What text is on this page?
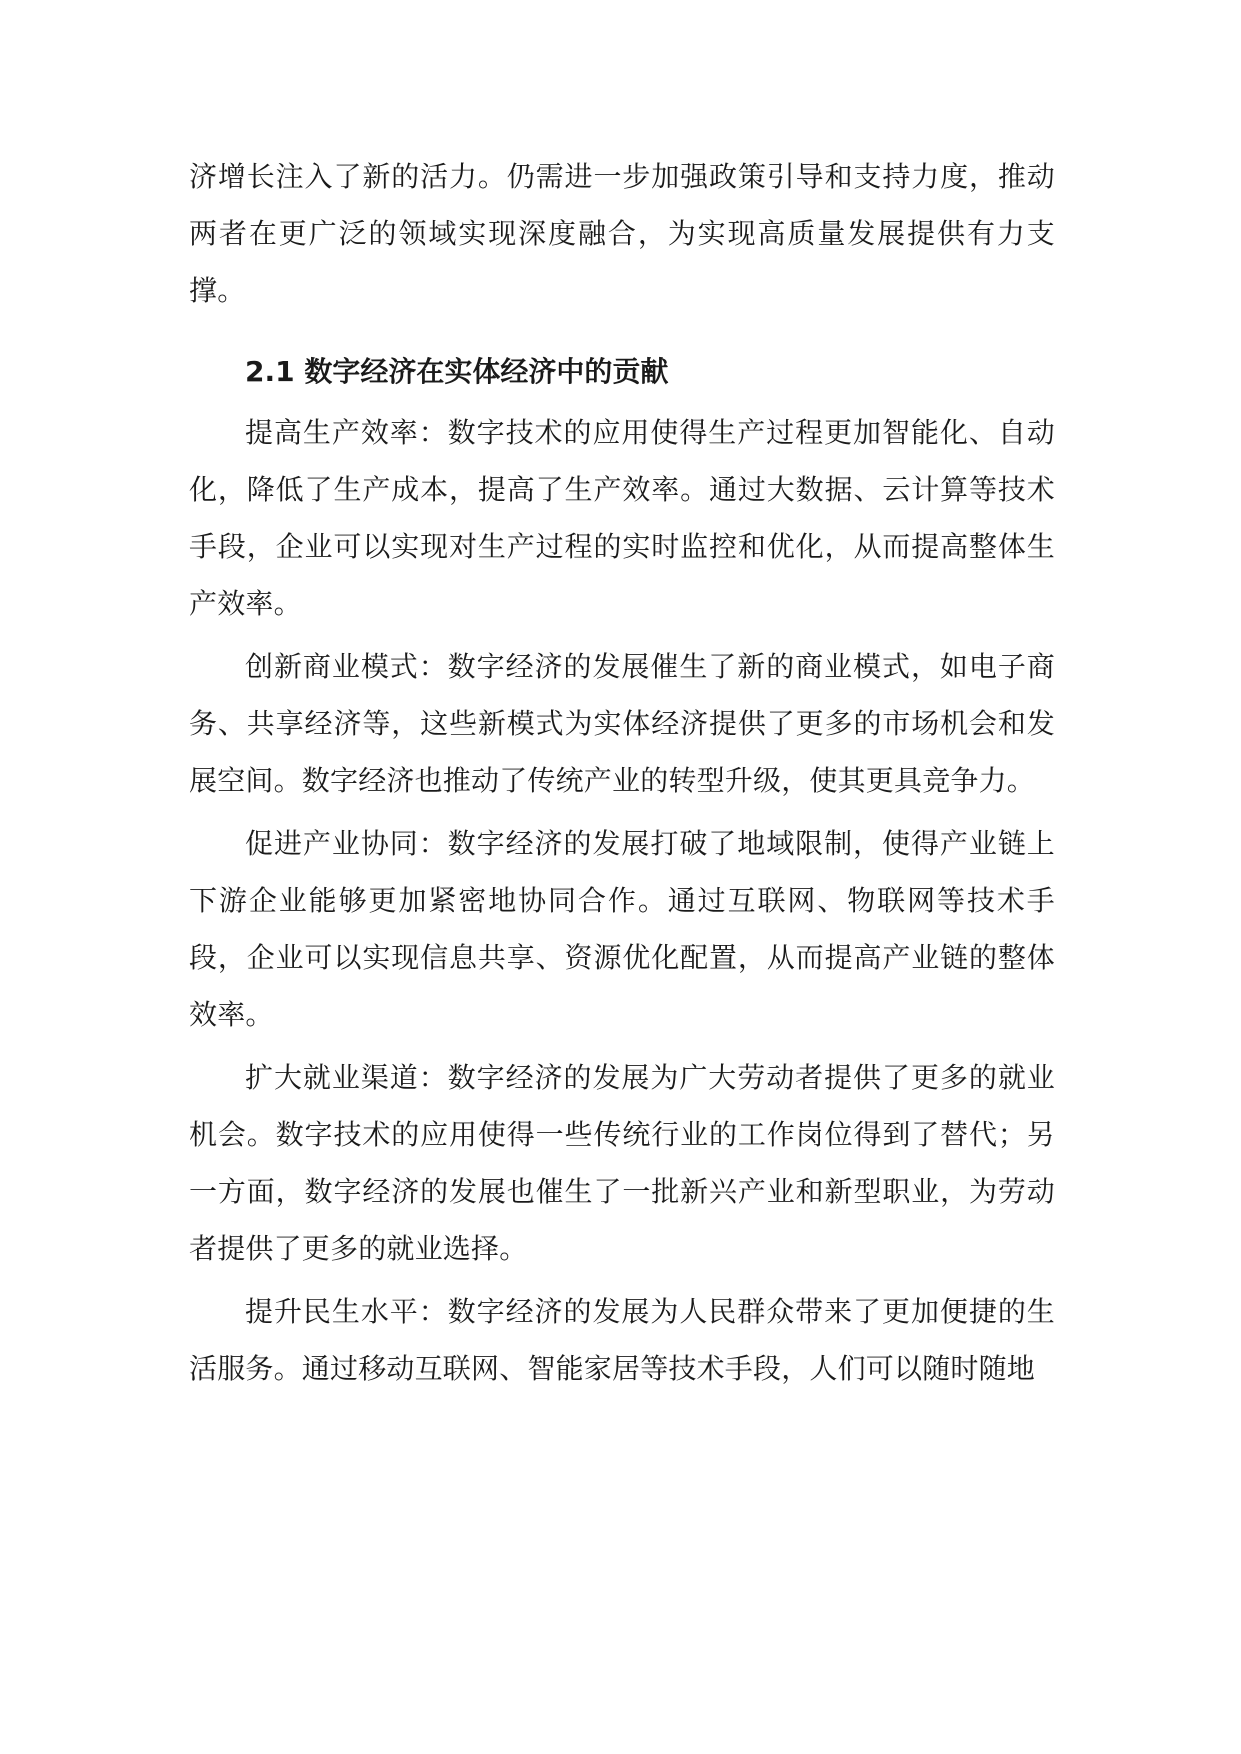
济增长注入了新的活力。仍需进一步加强政策引导和支持力度，推动两者在更广泛的领域实现深度融合，为实现高质量发展提供有力支撑。

2.1 数字经济在实体经济中的贡献

提高生产效率：数字技术的应用使得生产过程更加智能化、自动化，降低了生产成本，提高了生产效率。通过大数据、云计算等技术手段，企业可以实现对生产过程的实时监控和优化，从而提高整体生产效率。

创新商业模式：数字经济的发展催生了新的商业模式，如电子商务、共享经济等，这些新模式为实体经济提供了更多的市场机会和发展空间。数字经济也推动了传统产业的转型升级，使其更具竞争力。

促进产业协同：数字经济的发展打破了地域限制，使得产业链上下游企业能够更加紧密地协同合作。通过互联网、物联网等技术手段，企业可以实现信息共享、资源优化配置，从而提高产业链的整体效率。

扩大就业渠道：数字经济的发展为广大劳动者提供了更多的就业机会。数字技术的应用使得一些传统行业的工作岗位得到了替代；另一方面，数字经济的发展也催生了一批新兴产业和新型职业，为劳动者提供了更多的就业选择。

提升民生水平：数字经济的发展为人民群众带来了更加便捷的生活服务。通过移动互联网、智能家居等技术手段，人们可以随时随地
